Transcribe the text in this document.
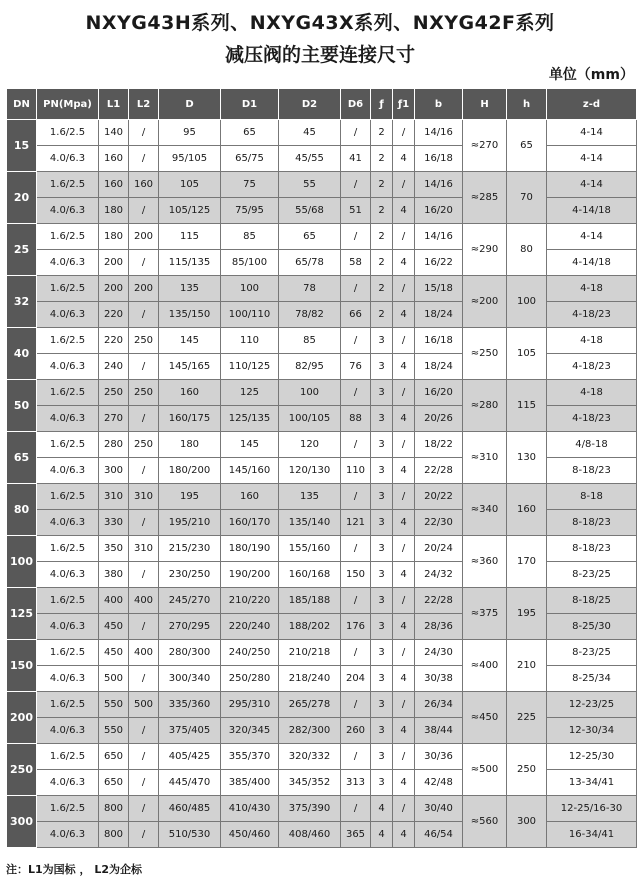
NXYG43H系列、NXYG43X系列、NXYG42F系列
减压阀的主要连接尺寸
单位（mm）
DN	PN(Mpa)	L1	L2	D	D1	D2	D6	ƒ	ƒ1	b	H	h	z-d
15	1.6/2.5	140	/	95	65	45	/	2	/	14/16	≈270	65	4-14
	4.0/6.3	160	/	95/105	65/75	45/55	41	2	4	16/18			4-14
20	1.6/2.5	160	160	105	75	55	/	2	/	14/16	≈285	70	4-14
	4.0/6.3	180	/	105/125	75/95	55/68	51	2	4	16/20			4-14/18
25	1.6/2.5	180	200	115	85	65	/	2	/	14/16	≈290	80	4-14
	4.0/6.3	200	/	115/135	85/100	65/78	58	2	4	16/22			4-14/18
32	1.6/2.5	200	200	135	100	78	/	2	/	15/18	≈200	100	4-18
	4.0/6.3	220	/	135/150	100/110	78/82	66	2	4	18/24			4-18/23
40	1.6/2.5	220	250	145	110	85	/	3	/	16/18	≈250	105	4-18
	4.0/6.3	240	/	145/165	110/125	82/95	76	3	4	18/24			4-18/23
50	1.6/2.5	250	250	160	125	100	/	3	/	16/20	≈280	115	4-18
	4.0/6.3	270	/	160/175	125/135	100/105	88	3	4	20/26			4-18/23
65	1.6/2.5	280	250	180	145	120	/	3	/	18/22	≈310	130	4/8-18
	4.0/6.3	300	/	180/200	145/160	120/130	110	3	4	22/28			8-18/23
80	1.6/2.5	310	310	195	160	135	/	3	/	20/22	≈340	160	8-18
	4.0/6.3	330	/	195/210	160/170	135/140	121	3	4	22/30			8-18/23
100	1.6/2.5	350	310	215/230	180/190	155/160	/	3	/	20/24	≈360	170	8-18/23
	4.0/6.3	380	/	230/250	190/200	160/168	150	3	4	24/32			8-23/25
125	1.6/2.5	400	400	245/270	210/220	185/188	/	3	/	22/28	≈375	195	8-18/25
	4.0/6.3	450	/	270/295	220/240	188/202	176	3	4	28/36			8-25/30
150	1.6/2.5	450	400	280/300	240/250	210/218	/	3	/	24/30	≈400	210	8-23/25
	4.0/6.3	500	/	300/340	250/280	218/240	204	3	4	30/38			8-25/34
200	1.6/2.5	550	500	335/360	295/310	265/278	/	3	/	26/34	≈450	225	12-23/25
	4.0/6.3	550	/	375/405	320/345	282/300	260	3	4	38/44			12-30/34
250	1.6/2.5	650	/	405/425	355/370	320/332	/	3	/	30/36	≈500	250	12-25/30
	4.0/6.3	650	/	445/470	385/400	345/352	313	3	4	42/48			13-34/41
300	1.6/2.5	800	/	460/485	410/430	375/390	/	4	/	30/40	≈560	300	12-25/16-30
	4.0/6.3	800	/	510/530	450/460	408/460	365	4	4	46/54			16-34/41
注：L1为国标 ， L2为企标
